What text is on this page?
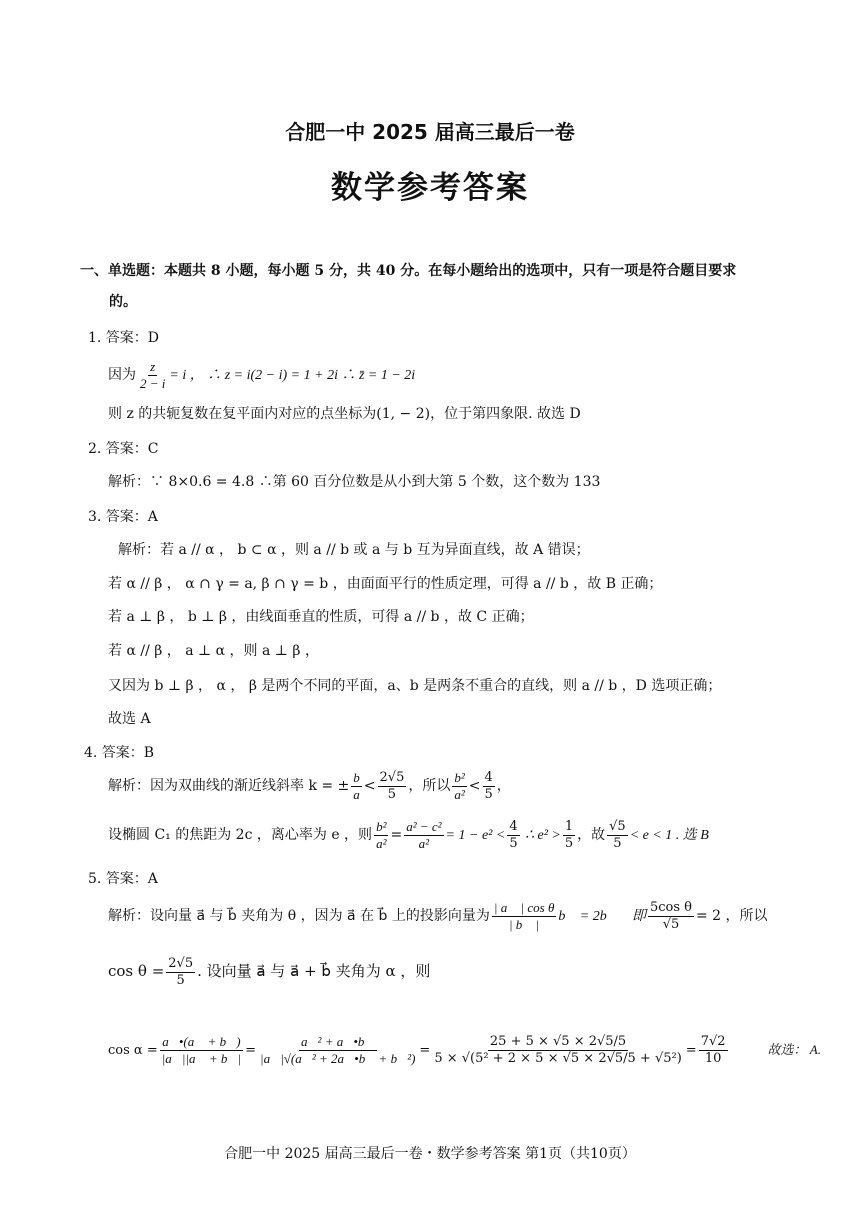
合肥一中 2025 届高三最后一卷
数学参考答案
一、单选题：本题共 8 小题，每小题 5 分，共 40 分。在每小题给出的选项中，只有一项是符合题目要求
的。
1. 答案：D
因为 $\frac{z}{2 - i} = i$ ， ∴ z = i(2 − i) = 1 + 2i ∴ z̄ = 1 − 2i
则 z 的共轭复数在复平面内对应的点坐标为(1, − 2)，位于第四象限. 故选 D
2. 答案：C
解析：∵ 8×0.6 = 4.8 ∴第 60 百分位数是从小到大第 5 个数，这个数为 133
3. 答案：A
解析：若 a // α ， b ⊂ α ，则 a // b 或 a 与 b 互为异面直线，故 A 错误；
若 α // β ， α ∩ γ = a, β ∩ γ = b ，由面面平行的性质定理，可得 a // b ，故 B 正确；
若 a ⊥ β ， b ⊥ β ，由线面垂直的性质，可得 a // b ，故 C 正确；
若 α // β ， a ⊥ α ，则 a ⊥ β ，
又因为 b ⊥ β ， α ， β 是两个不同的平面，a、b 是两条不重合的直线，则 a // b ，D 选项正确；
故选 A
4. 答案：B
解析：因为双曲线的渐近线斜率 k = ± $\frac{b}{a} < \frac{2√5}{5}$ ，所以 $\frac{\text{b²}}{\text{a²}} < \frac{4}{5}$ ，
设椭圆 C₁ 的焦距为 2c ，离心率为 e ，则 $\frac{\text{b²}}{\text{a²}} = \frac{\text{a² − c²}}{\text{a²}} = 1 - e^2 < \frac{4}{5}$ ∴ $e^2 > \frac{1}{5}$ ，故 $\frac{√5}{5} < e < 1$ . 选 B
5. 答案：A
解析：设向量 a⃗ 与 b⃗ 夹角为 θ ，因为 a⃗ 在 b⃗ 上的投影向量为 $\frac{\text{| a⃗ | cos θ}}{| b⃗ |}$ b⃗ = 2b⃗ ，即 $\frac{\text{5cos θ}}{√5} = 2$ ，所以
$\cos \theta = \frac{2√5}{5}$ . 设向量 a⃗ 与 a⃗ + b⃗ 夹角为 α ，则
$\cos \alpha = \frac{a⃗•(a⃗ + b⃗)}{|a⃗||a⃗ + b⃗|} = \frac{\text{a⃗² + a⃗•b⃗}}{\text{|a⃗|√(a⃗² + 2a⃗•b⃗ + b⃗²)}} = \frac{25 + 5 \times √5 \times 2√5/5}{\text{5 × √(5² + 2 × 5 × √5 × 2√5/5 + √5²)}} = \frac{7√2}{10}$	故选： A.
合肥一中 2025 届高三最后一卷・数学参考答案 第1页（共10页）
